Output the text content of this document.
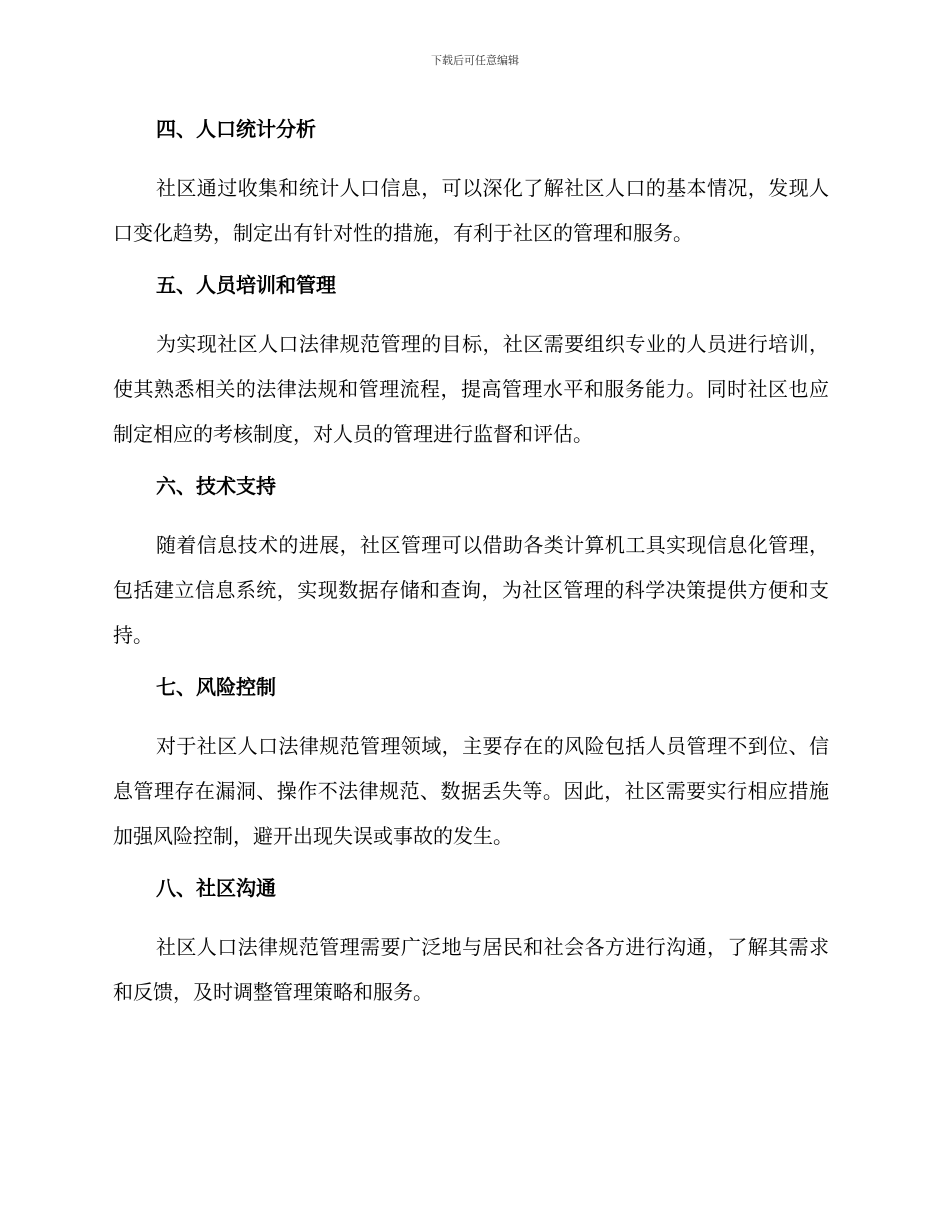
下载后可任意编辑
四、人口统计分析

社区通过收集和统计人口信息，可以深化了解社区人口的基本情况，发现人口变化趋势，制定出有针对性的措施，有利于社区的管理和服务。

五、人员培训和管理

为实现社区人口法律规范管理的目标，社区需要组织专业的人员进行培训，使其熟悉相关的法律法规和管理流程，提高管理水平和服务能力。同时社区也应制定相应的考核制度，对人员的管理进行监督和评估。

六、技术支持

随着信息技术的进展，社区管理可以借助各类计算机工具实现信息化管理，包括建立信息系统，实现数据存储和查询，为社区管理的科学决策提供方便和支持。

七、风险控制

对于社区人口法律规范管理领域，主要存在的风险包括人员管理不到位、信息管理存在漏洞、操作不法律规范、数据丢失等。因此，社区需要实行相应措施加强风险控制，避开出现失误或事故的发生。

八、社区沟通

社区人口法律规范管理需要广泛地与居民和社会各方进行沟通，了解其需求和反馈，及时调整管理策略和服务。
